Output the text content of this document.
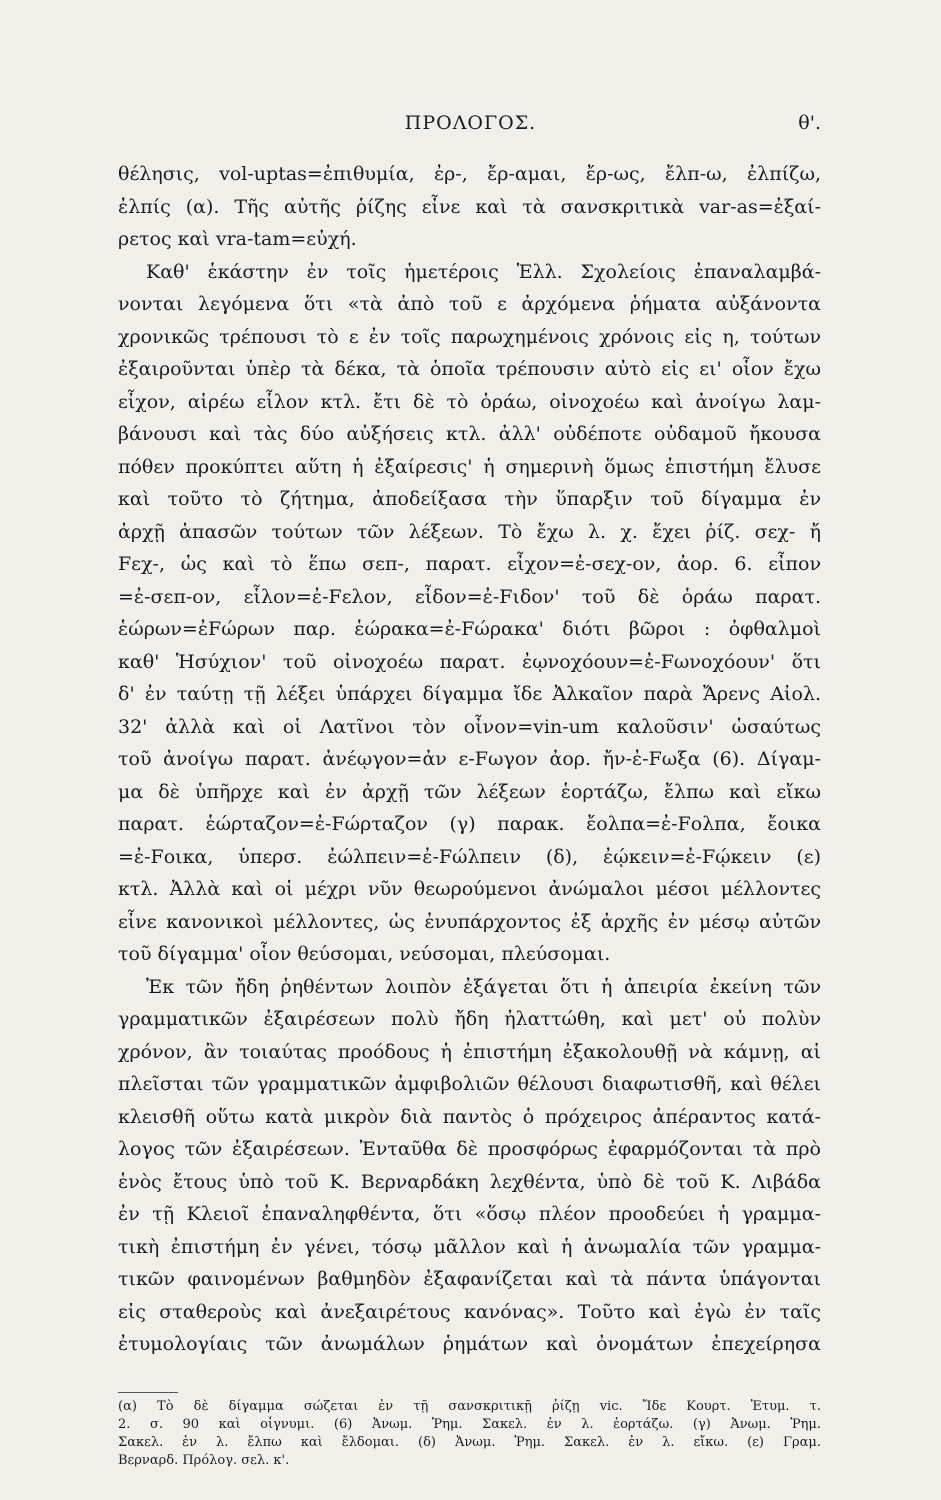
ΠΡΟΛΟΓΟΣ.	θ'.
θέλησις, vol-uptas=ἐπιθυμία, ἐρ-, ἔρ-αμαι, ἔρ-ως, ἔλπ-ω, ἐλπίζω,
ἐλπίς (α). Τῆς αὐτῆς ῥίζης εἶνε καὶ τὰ σανσκριτικὰ var-as=ἐξαί-
ρετος καὶ vra-tam=εὐχή.
Καθ' ἑκάστην ἐν τοῖς ἡμετέροις Ἑλλ. Σχολείοις ἐπαναλαμβά-
νονται λεγόμενα ὅτι «τὰ ἀπὸ τοῦ ε ἀρχόμενα ῥήματα αὐξάνοντα
χρονικῶς τρέπουσι τὸ ε ἐν τοῖς παρωχημένοις χρόνοις εἰς η, τούτων
ἐξαιροῦνται ὑπὲρ τὰ δέκα, τὰ ὁποῖα τρέπουσιν αὐτὸ εἰς ει' οἷον ἔχω
εἶχον, αἱρέω εἷλον κτλ. ἔτι δὲ τὸ ὁράω, οἰνοχοέω καὶ ἀνοίγω λαμ-
βάνουσι καὶ τὰς δύο αὐξήσεις κτλ. ἀλλ' οὐδέποτε οὐδαμοῦ ἤκουσα
πόθεν προκύπτει αὕτη ἡ ἐξαίρεσις' ἡ σημερινὴ ὅμως ἐπιστήμη ἔλυσε
καὶ τοῦτο τὸ ζήτημα, ἀποδείξασα τὴν ὕπαρξιν τοῦ δίγαμμα ἐν
ἀρχῇ ἁπασῶν τούτων τῶν λέξεων. Τὸ ἔχω λ. χ. ἔχει ῥίζ. σεχ- ἤ
Fεχ-, ὡς καὶ τὸ ἕπω σεπ-, παρατ. εἶχον=ἐ-σεχ-ον, ἀορ. 6. εἶπον
=ἐ-σεπ-ον, εἷλον=ἐ-Fελον, εἶδον=ἐ-Fιδον' τοῦ δὲ ὁράω παρατ.
ἑώρων=ἐFώρων παρ. ἑώρακα=ἐ-Fώρακα' διότι βῶροι : ὀφθαλμοὶ
καθ' Ἡσύχιον' τοῦ οἰνοχοέω παρατ. ἐῳνοχόουν=ἐ-Fωνοχόουν' ὅτι
δ' ἐν ταύτῃ τῇ λέξει ὑπάρχει δίγαμμα ἴδε Ἀλκαῖον παρὰ Ἄρενς Αἰολ.
32' ἀλλὰ καὶ οἱ Λατῖνοι τὸν οἶνον=vin-um καλοῦσιν' ὡσαύτως
τοῦ ἀνοίγω παρατ. ἀνέῳγον=ἀν ε-Fωγον ἀορ. ἤν-ἐ-Fωξα (6). Δίγαμ-
μα δὲ ὑπῆρχε καὶ ἐν ἀρχῇ τῶν λέξεων ἑορτάζω, ἔλπω καὶ εἴκω
παρατ. ἑώρταζον=ἐ-Fώρταζον (γ) παρακ. ἔολπα=ἐ-Fολπα, ἔοικα
=ἐ-Fοικα, ὑπερσ. ἐώλπειν=ἐ-Fώλπειν (δ), ἐῴκειν=ἐ-Fῴκειν (ε)
κτλ. Ἀλλὰ καὶ οἱ μέχρι νῦν θεωρούμενοι ἀνώμαλοι μέσοι μέλλοντες
εἶνε κανονικοὶ μέλλοντες, ὡς ἐνυπάρχοντος ἐξ ἀρχῆς ἐν μέσῳ αὐτῶν
τοῦ δίγαμμα' οἷον θεύσομαι, νεύσομαι, πλεύσομαι.
Ἐκ τῶν ἤδη ῥηθέντων λοιπὸν ἐξάγεται ὅτι ἡ ἀπειρία ἐκείνη τῶν
γραμματικῶν ἐξαιρέσεων πολὺ ἤδη ἠλαττώθη, καὶ μετ' οὐ πολὺν
χρόνον, ἂν τοιαύτας προόδους ἡ ἐπιστήμη ἐξακολουθῇ νὰ κάμνῃ, αἱ
πλεῖσται τῶν γραμματικῶν ἀμφιβολιῶν θέλουσι διαφωτισθῆ, καὶ θέλει
κλεισθῆ οὕτω κατὰ μικρὸν διὰ παντὸς ὁ πρόχειρος ἀπέραντος κατά-
λογος τῶν ἐξαιρέσεων. Ἐνταῦθα δὲ προσφόρως ἐφαρμόζονται τὰ πρὸ
ἑνὸς ἔτους ὑπὸ τοῦ Κ. Βερναρδάκη λεχθέντα, ὑπὸ δὲ τοῦ Κ. Λιβάδα
ἐν τῇ Κλειοῖ ἐπαναληφθέντα, ὅτι «ὅσῳ πλέον προοδεύει ἡ γραμμα-
τικὴ ἐπιστήμη ἐν γένει, τόσῳ μᾶλλον καὶ ἡ ἀνωμαλία τῶν γραμμα-
τικῶν φαινομένων βαθμηδὸν ἐξαφανίζεται καὶ τὰ πάντα ὑπάγονται
εἰς σταθεροὺς καὶ ἀνεξαιρέτους κανόνας». Τοῦτο καὶ ἐγὼ ἐν ταῖς
ἐτυμολογίαις τῶν ἀνωμάλων ῥημάτων καὶ ὀνομάτων ἐπεχείρησα
(α) Τὸ δὲ δίγαμμα σώζεται ἐν τῇ σανσκριτικῇ ῥίζῃ vic. Ἴδε Κουρτ. Ἐτυμ. τ.
2. σ. 90 καὶ οἶγνυμι. (6) Ἀνωμ. Ῥημ. Σακελ. ἐν λ. ἑορτάζω. (γ) Ἀνωμ. Ῥημ.
Σακελ. ἐν λ. ἔλπω καὶ ἔλδομαι. (δ) Ἀνωμ. Ῥημ. Σακελ. ἐν λ. εἴκω. (ε) Γραμ.
Βερναρδ. Πρόλογ. σελ. κ'.
